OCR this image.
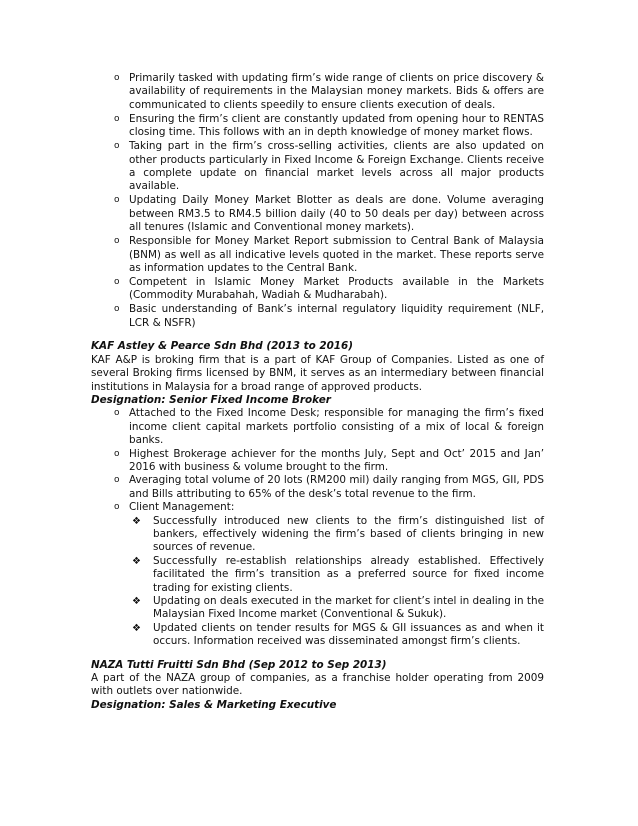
o Primarily tasked with updating firm’s wide range of clients on price discovery & availability of requirements in the Malaysian money markets. Bids & offers are communicated to clients speedily to ensure clients execution of deals.
o Ensuring the firm’s client are constantly updated from opening hour to RENTAS closing time. This follows with an in depth knowledge of money market flows.
o Taking part in the firm’s cross-selling activities, clients are also updated on other products particularly in Fixed Income & Foreign Exchange. Clients receive a complete update on financial market levels across all major products available.
o Updating Daily Money Market Blotter as deals are done. Volume averaging between RM3.5 to RM4.5 billion daily (40 to 50 deals per day) between across all tenures (Islamic and Conventional money markets).
o Responsible for Money Market Report submission to Central Bank of Malaysia (BNM) as well as all indicative levels quoted in the market. These reports serve as information updates to the Central Bank.
o Competent in Islamic Money Market Products available in the Markets (Commodity Murabahah, Wadiah & Mudharabah).
o Basic understanding of Bank’s internal regulatory liquidity requirement (NLF, LCR & NSFR)
KAF Astley & Pearce Sdn Bhd (2013 to 2016)
KAF A&P is broking firm that is a part of KAF Group of Companies. Listed as one of several Broking firms licensed by BNM, it serves as an intermediary between financial institutions in Malaysia for a broad range of approved products.
Designation: Senior Fixed Income Broker
o Attached to the Fixed Income Desk; responsible for managing the firm’s fixed income client capital markets portfolio consisting of a mix of local & foreign banks.
o Highest Brokerage achiever for the months July, Sept and Oct’ 2015 and Jan’ 2016 with business & volume brought to the firm.
o Averaging total volume of 20 lots (RM200 mil) daily ranging from MGS, GII, PDS and Bills attributing to 65% of the desk’s total revenue to the firm.
o Client Management:
❖ Successfully introduced new clients to the firm’s distinguished list of bankers, effectively widening the firm’s based of clients bringing in new sources of revenue.
❖ Successfully re-establish relationships already established. Effectively facilitated the firm’s transition as a preferred source for fixed income trading for existing clients.
❖ Updating on deals executed in the market for client’s intel in dealing in the Malaysian Fixed Income market (Conventional & Sukuk).
❖ Updated clients on tender results for MGS & GII issuances as and when it occurs. Information received was disseminated amongst firm’s clients.
NAZA Tutti Fruitti Sdn Bhd (Sep 2012 to Sep 2013)
A part of the NAZA group of companies, as a franchise holder operating from 2009 with outlets over nationwide.
Designation: Sales & Marketing Executive
